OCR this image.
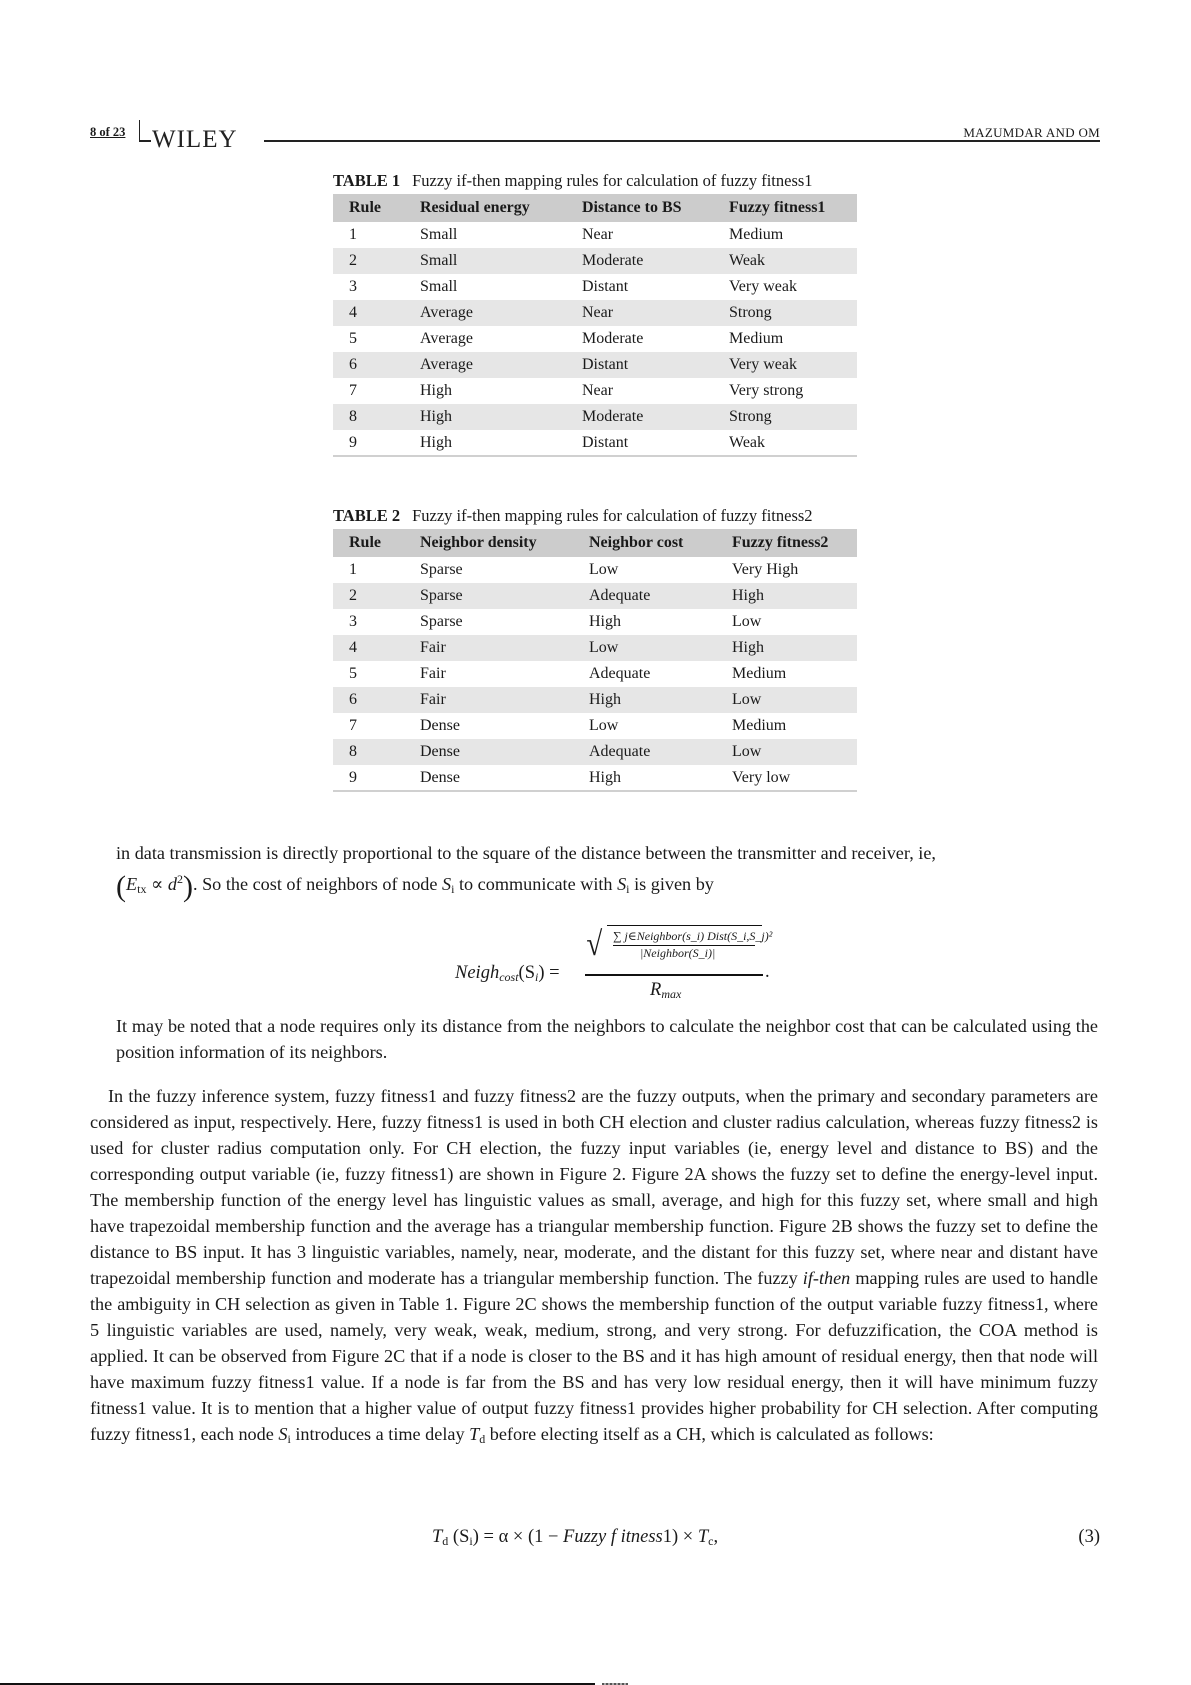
8 of 23 WILEY	MAZUMDAR AND OM
TABLE 1 Fuzzy if-then mapping rules for calculation of fuzzy fitness1
Rule	Residual energy	Distance to BS	Fuzzy fitness1
1	Small	Near	Medium
2	Small	Moderate	Weak
3	Small	Distant	Very weak
4	Average	Near	Strong
5	Average	Moderate	Medium
6	Average	Distant	Very weak
7	High	Near	Very strong
8	High	Moderate	Strong
9	High	Distant	Weak
TABLE 2 Fuzzy if-then mapping rules for calculation of fuzzy fitness2
Rule	Neighbor density	Neighbor cost	Fuzzy fitness2
1	Sparse	Low	Very High
2	Sparse	Adequate	High
3	Sparse	High	Low
4	Fair	Low	High
5	Fair	Adequate	Medium
6	Fair	High	Low
7	Dense	Low	Medium
8	Dense	Adequate	Low
9	Dense	High	Very low
in data transmission is directly proportional to the square of the distance between the transmitter and receiver, ie,
$(E_{tx} \propto d^2)$. So the cost of neighbors of node $S_i$ to communicate with $S_i$ is given by
$Neigh_{cost}(S_i)$ =
√ ∑ j∈Neighbor(s_i) Dist(S_i,S_j)²
|Neighbor(S_i)|
$R_{max}$
.
It may be noted that a node requires only its distance from the neighbors to calculate the neighbor cost that can be calculated using the position information of its neighbors.
In the fuzzy inference system, fuzzy fitness1 and fuzzy fitness2 are the fuzzy outputs, when the primary and secondary parameters are considered as input, respectively. Here, fuzzy fitness1 is used in both CH election and cluster radius calculation, whereas fuzzy fitness2 is used for cluster radius computation only. For CH election, the fuzzy input variables (ie, energy level and distance to BS) and the corresponding output variable (ie, fuzzy fitness1) are shown in Figure 2. Figure 2A shows the fuzzy set to define the energy-level input. The membership function of the energy level has linguistic values as small, average, and high for this fuzzy set, where small and high have trapezoidal membership function and the average has a triangular membership function. Figure 2B shows the fuzzy set to define the distance to BS input. It has 3 linguistic variables, namely, near, moderate, and the distant for this fuzzy set, where near and distant have trapezoidal membership function and moderate has a triangular membership function. The fuzzy if-then mapping rules are used to handle the ambiguity in CH selection as given in Table 1. Figure 2C shows the membership function of the output variable fuzzy fitness1, where 5 linguistic variables are used, namely, very weak, weak, medium, strong, and very strong. For defuzzification, the COA method is applied. It can be observed from Figure 2C that if a node is closer to the BS and it has high amount of residual energy, then that node will have maximum fuzzy fitness1 value. If a node is far from the BS and has very low residual energy, then it will have minimum fuzzy fitness1 value. It is to mention that a higher value of output fuzzy fitness1 provides higher probability for CH selection. After computing fuzzy fitness1, each node $S_i$ introduces a time delay $T_d$ before electing itself as a CH, which is calculated as follows:
$T_d$ $(S_i) = \alpha \times (1$ − Fuzzy f itness1) × $T_c$,	(3)
